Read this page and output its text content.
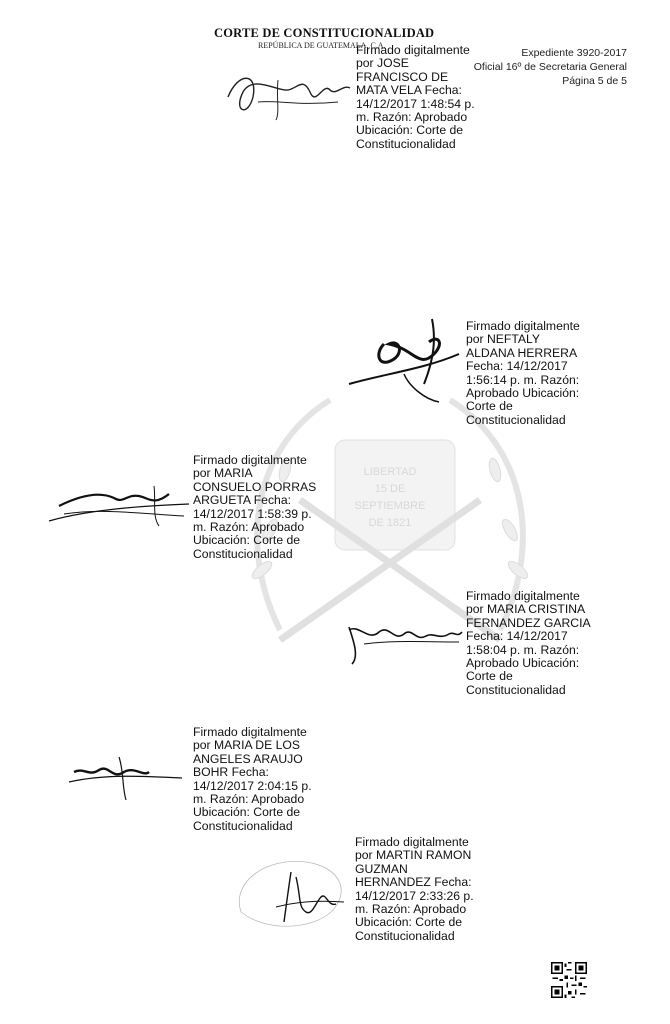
LIBERTAD
15 DE
SEPTIEMBRE
DE 1821
CORTE DE CONSTITUCIONALIDAD
REPÚBLICA DE GUATEMALA, C.A.
Expediente 3920-2017
Oficial 16º de Secretaria General
Página 5 de 5
Firmado digitalmente
por JOSE
FRANCISCO DE
MATA VELA Fecha:
14/12/2017 1:48:54 p.
m. Razón: Aprobado
Ubicación: Corte de
Constitucionalidad
Firmado digitalmente
por NEFTALY
ALDANA HERRERA
Fecha: 14/12/2017
1:56:14 p. m. Razón:
Aprobado Ubicación:
Corte de
Constitucionalidad
Firmado digitalmente
por MARIA
CONSUELO PORRAS
ARGUETA Fecha:
14/12/2017 1:58:39 p.
m. Razón: Aprobado
Ubicación: Corte de
Constitucionalidad
Firmado digitalmente
por MARIA CRISTINA
FERNANDEZ GARCIA
Fecha: 14/12/2017
1:58:04 p. m. Razón:
Aprobado Ubicación:
Corte de
Constitucionalidad
Firmado digitalmente
por MARIA DE LOS
ANGELES ARAUJO
BOHR Fecha:
14/12/2017 2:04:15 p.
m. Razón: Aprobado
Ubicación: Corte de
Constitucionalidad
Firmado digitalmente
por MARTIN RAMON
GUZMAN
HERNANDEZ Fecha:
14/12/2017 2:33:26 p.
m. Razón: Aprobado
Ubicación: Corte de
Constitucionalidad
